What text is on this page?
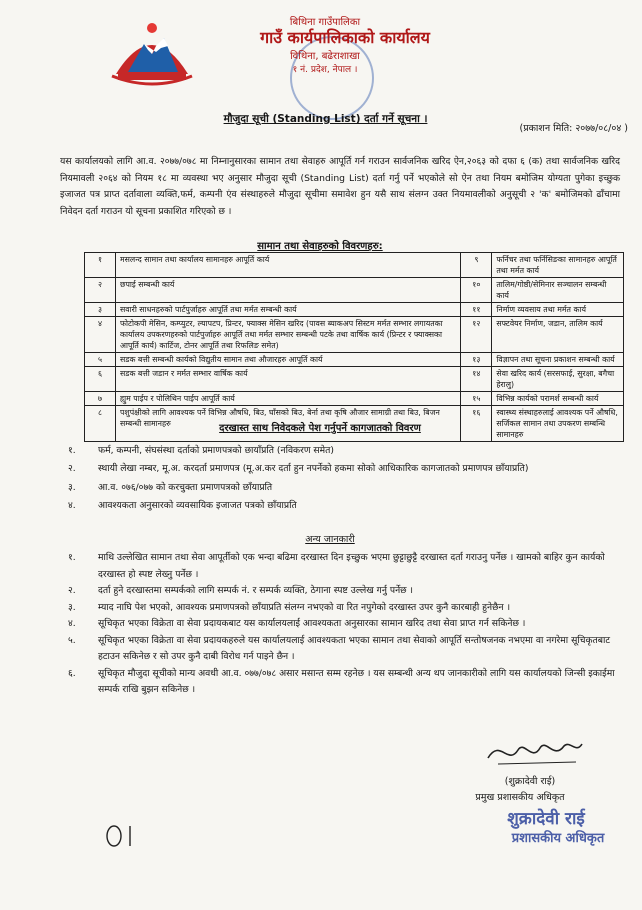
बिथिना गाउँपालिका
गाउँ कार्यपालिकाको कार्यालय
विथिना, बढेराशाखा
१ नं. प्रदेश, नेपाल ।
मौजुदा सूची (Standing List) दर्ता गर्ने सूचना ।
(प्रकाशन मिति: २०७७/०८/०४ )
यस कार्यालयको लागि आ.व. २०७७/०७८ मा निम्नानुसारका सामान तथा सेवाहरु आपूर्ति गर्न गराउन सार्वजनिक खरिद ऐन,२०६३ को दफा ६ (क) तथा सार्वजनिक खरिद नियमावली २०६४ को नियम १८ मा व्यवस्था भए अनुसार मौजुदा सूची (Standing List) दर्ता गर्नु पर्ने भएकोले सो ऐन तथा नियम बमोजिम योग्यता पुगेका इच्छुक इजाजत पत्र प्राप्त दर्तावाला व्यक्ति,फर्म, कम्पनी एंव संस्थाहरुले मौजुदा सूचीमा समावेश हुन यसै साथ संलग्न उक्त नियमावलीको अनुसूची २ 'क' बमोजिमको ढाँचामा निवेदन दर्ता गराउन यो सूचना प्रकाशित गरिएको छ ।
सामान तथा सेवाहरुको विवरणहरु:
१	मसलन्द सामान तथा कार्यालय सामानहरु आपूर्ति कार्य	९	फर्निचर तथा फर्निसिङका सामानहरु आपूर्ति तथा मर्मत कार्य
२	छपाई सम्बन्धी कार्य	१०	तालिम/गोष्ठी/सेमिनार सञ्चालन सम्बन्धी कार्य
३	सवारी साधनहरुको पार्टपुर्जाहरु आपूर्ति तथा मर्मत सम्बन्धी कार्य	११	निर्माण व्यवसाय तथा मर्मत कार्य
४	फोटोकपी मेसिन, कम्प्युटर, ल्यापटप, प्रिन्टर, फ्याक्स मेसिन खरिद (पावस ब्याकअप सिस्टम मर्मत सम्भार लगायतका कार्यालय उपकरणहरुको पार्टपुर्जाहरु आपूर्ति तथा मर्मत सम्भार सम्बन्धी पटके तथा वार्षिक कार्य (प्रिन्टर र फ्याक्सका आपूर्ति कार्य) कार्टिज, टोनर आपूर्ति तथा रिफलिङ समेत)	१२	सफ्टवेयर निर्माण, जडान, तालिम कार्य
५	सडक बत्ती सम्बन्धी कार्यको विद्युतीय सामान तथा औजारहरु आपूर्ति कार्य	१३	विज्ञापन तथा सूचना प्रकाशन सम्बन्धी कार्य
६	सडक बत्ती जडान र मर्मत सम्भार वार्षिक कार्य	१४	सेवा खरिद कार्य (सरसफाई, सुरक्षा, बगैचा हेरालु)
७	ह्युम पाईप र पोलिथिन पाईप आपूर्ति कार्य	१५	विभिन्न कार्यको परामर्श सम्बन्धी कार्य
८	पशुपंक्षीको लागि आवश्यक पर्ने विभिन्न औषधि, बिउ, घाँसको बिउ, बेर्ना तथा कृषि औजार सामाग्री तथा बिउ, बिजन सम्बन्धी सामानहरु	१६	स्वास्थ्य संस्थाहरुलाई आवश्यक पर्ने औषधि, सर्जिकल सामान तथा उपकरण सम्बन्धि सामानहरु
दरखास्त साथ निवेदकले पेश गर्नुपर्ने कागजातको विवरण
१.	फर्म, कम्पनी, संघसंस्था दर्ताको प्रमाणपत्रको छायाँप्रति (नविकरण समेत)
२.	स्थायी लेखा नम्बर, मू.अ. करदर्ता प्रमाणपत्र (मू.अ.कर दर्ता हुन नपर्नेको हकमा सोको आधिकारिक कागजातको प्रमाणपत्र छाँयाप्रति)
३.	आ.व. ०७६/०७७ को करचुक्ता प्रमाणपत्रको छाँयाप्रति
४.	आवश्यकता अनुसारको व्यवसायिक इजाजत पत्रको छाँयाप्रति
अन्य जानकारी
१.	माथि उल्लेखित सामान तथा सेवा आपूर्तीको एक भन्दा बढिमा दरखास्त दिन इच्छुक भएमा छुट्टाछुट्टै दरखास्त दर्ता गराउनु पर्नेछ । खामको बाहिर कुन कार्यको दरखास्त हो स्पष्ट लेख्नु पर्नेछ ।
२.	दर्ता हुने दरखास्तमा सम्पर्कको लागि सम्पर्क नं. र सम्पर्क व्यक्ति, ठेगाना स्पष्ट उल्लेख गर्नु पर्नेछ ।
३.	म्याद नाघि पेश भएको, आवश्यक प्रमाणपत्रको छाँयाप्रति संलग्न नभएको वा रित नपुगेको दरखास्त उपर कुनै कारबाही हुनेछैन ।
४.	सूचिकृत भएका विक्रेता वा सेवा प्रदायकबाट यस कार्यालयलाई आवश्यकता अनुसारका सामान खरिद तथा सेवा प्राप्त गर्न सकिनेछ ।
५.	सूचिकृत भएका विक्रेता वा सेवा प्रदायकहरुले यस कार्यालयलाई आवश्यकता भएका सामान तथा सेवाको आपूर्ति सन्तोषजनक नभएमा वा नगरेमा सूचिकृतबाट हटाउन सकिनेछ र सो उपर कुनै दाबी विरोध गर्न पाइने छैन ।
६.	सूचिकृत मौजुदा सूचीको मान्य अवधी आ.व. ०७७/०७८ असार मसान्त सम्म रहनेछ । यस सम्बन्धी अन्य थप जानकारीको लागि यस कार्यालयको जिन्सी इकाईमा सम्पर्क राखि बुझन सकिनेछ ।
(शुक्रादेवी राई)
प्रमुख प्रशासकीय अधिकृत
शुक्रादेवी राई
प्रशासकीय अधिकृत
